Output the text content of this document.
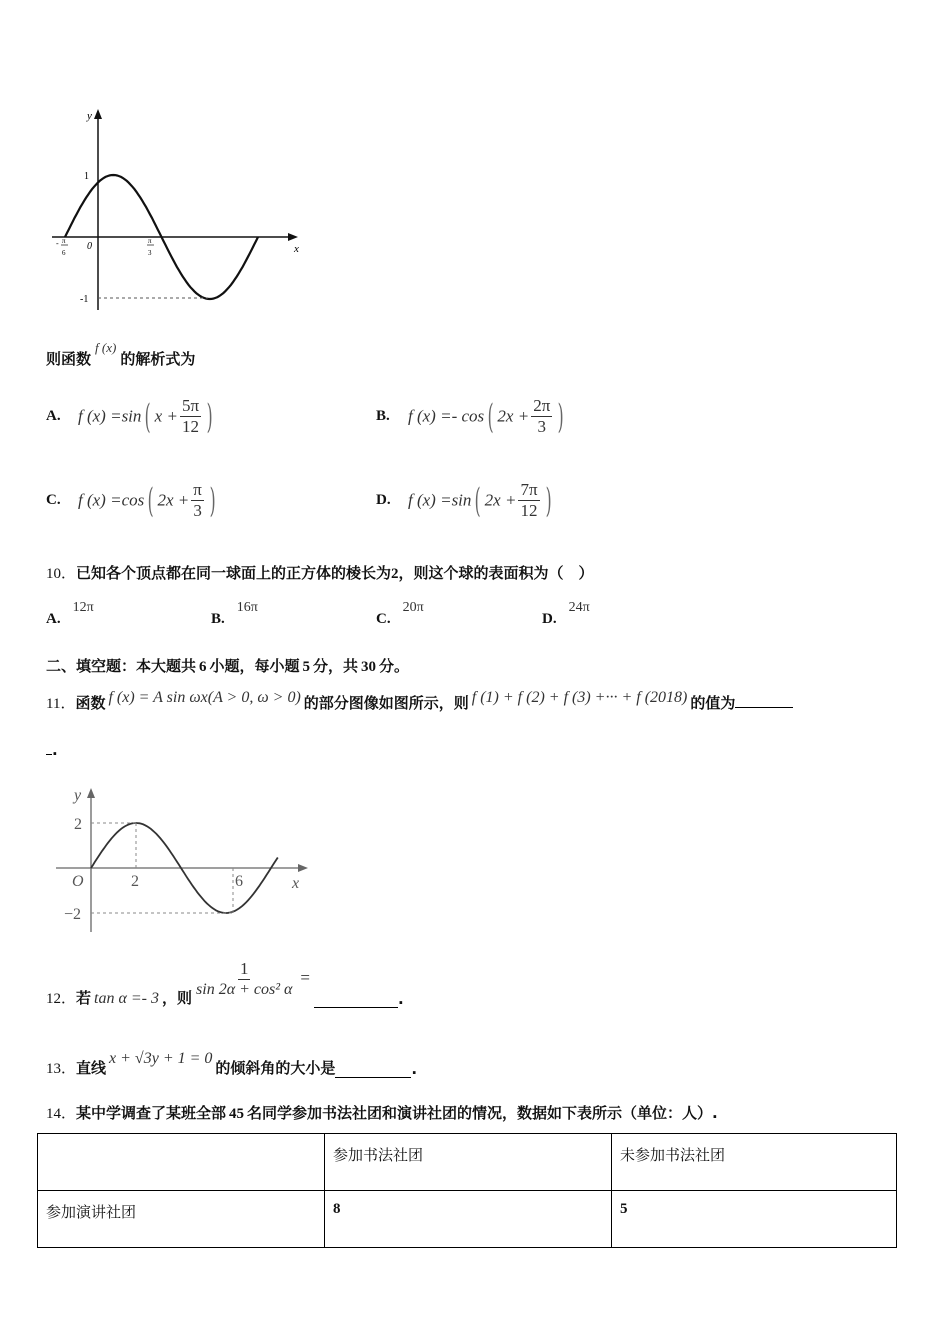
y
x
0
1
-1
- π
6
π
3
则函数f (x)的解析式为
A. f (x) =sin ( $x + \frac{5\pi}{12}$ )	B. f (x) =- cos ( $2x + \frac{2\pi}{3}$ )
C. f (x) =cos ( $2x + \frac{\pi}{3}$ )	D. f (x) =sin ( $2x + \frac{7\pi}{12}$ )
10．已知各个顶点都在同一球面上的正方体的棱长为2，则这个球的表面积为（　）
A.12π
B.16π
C.20π
D.24π
二、填空题：本大题共 6 小题，每小题 5 分，共 30 分。
11．函数 f (x) = A sin ωx(A > 0, ω > 0) 的部分图像如图所示，则 f (1) + f (2) + f (3) +··· + f (2018) 的值为
.
y
x
O
2
−2
2	6
12． 若 tan α =- 3 ，则 $\frac{1}{\text{sin 2α + cos² α}}$ =
.
13． 直线
x + √3y + 1 = 0
的倾斜角的大小是	.
14．某中学调查了某班全部 45 名同学参加书法社团和演讲社团的情况，数据如下表所示（单位：人）.
	参加书法社团	未参加书法社团
参加演讲社团	8	5
